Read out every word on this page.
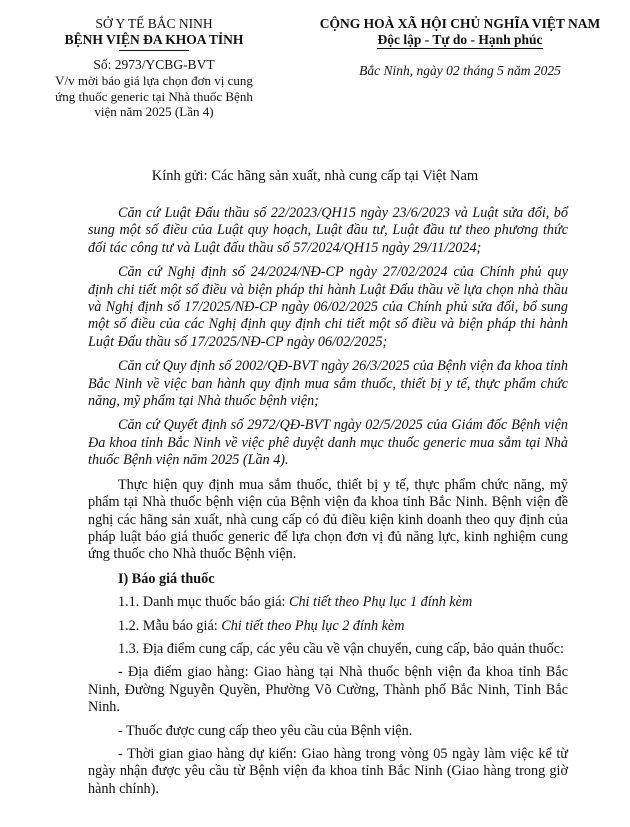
SỞ Y TẾ BẮC NINH
BỆNH VIỆN ĐA KHOA TỈNH
Số: 2973/YCBG-BVT
V/v mời báo giá lựa chọn đơn vị cung ứng thuốc generic tại Nhà thuốc Bệnh viện năm 2025 (Lần 4)
CỘNG HOÀ XÃ HỘI CHỦ NGHĨA VIỆT NAM
Độc lập - Tự do - Hạnh phúc
Bắc Ninh, ngày 02 tháng 5 năm 2025
Kính gửi: Các hãng sản xuất, nhà cung cấp tại Việt Nam

Căn cứ Luật Đấu thầu số 22/2023/QH15 ngày 23/6/2023 và Luật sửa đổi, bổ sung một số điều của Luật quy hoạch, Luật đầu tư, Luật đầu tư theo phương thức đối tác công tư và Luật đấu thầu số 57/2024/QH15 ngày 29/11/2024;

Căn cứ Nghị định số 24/2024/NĐ-CP ngày 27/02/2024 của Chính phủ quy định chi tiết một số điều và biện pháp thi hành Luật Đấu thầu về lựa chọn nhà thầu và Nghị định số 17/2025/NĐ-CP ngày 06/02/2025 của Chính phủ sửa đổi, bổ sung một số điều của các Nghị định quy định chi tiết một số điều và biện pháp thi hành Luật Đấu thầu số 17/2025/NĐ-CP ngày 06/02/2025;

Căn cứ Quy định số 2002/QĐ-BVT ngày 26/3/2025 của Bệnh viện đa khoa tỉnh Bắc Ninh về việc ban hành quy định mua sắm thuốc, thiết bị y tế, thực phẩm chức năng, mỹ phẩm tại Nhà thuốc bệnh viện;

Căn cứ Quyết định số 2972/QĐ-BVT ngày 02/5/2025 của Giám đốc Bệnh viện Đa khoa tỉnh Bắc Ninh về việc phê duyệt danh mục thuốc generic mua sắm tại Nhà thuốc Bệnh viện năm 2025 (Lần 4).

Thực hiện quy định mua sắm thuốc, thiết bị y tế, thực phẩm chức năng, mỹ phẩm tại Nhà thuốc bệnh viện của Bệnh viện đa khoa tỉnh Bắc Ninh. Bệnh viện đề nghị các hãng sản xuất, nhà cung cấp có đủ điều kiện kinh doanh theo quy định của pháp luật báo giá thuốc generic để lựa chọn đơn vị đủ năng lực, kinh nghiệm cung ứng thuốc cho Nhà thuốc Bệnh viện.

I) Báo giá thuốc

1.1. Danh mục thuốc báo giá: Chi tiết theo Phụ lục 1 đính kèm

1.2. Mẫu báo giá: Chi tiết theo Phụ lục 2 đính kèm

1.3. Địa điểm cung cấp, các yêu cầu về vận chuyển, cung cấp, bảo quản thuốc:

- Địa điểm giao hàng: Giao hàng tại Nhà thuốc bệnh viện đa khoa tỉnh Bắc Ninh, Đường Nguyễn Quyền, Phường Võ Cường, Thành phố Bắc Ninh, Tỉnh Bắc Ninh.

- Thuốc được cung cấp theo yêu cầu của Bệnh viện.

- Thời gian giao hàng dự kiến: Giao hàng trong vòng 05 ngày làm việc kể từ ngày nhận được yêu cầu từ Bệnh viện đa khoa tỉnh Bắc Ninh (Giao hàng trong giờ hành chính).
